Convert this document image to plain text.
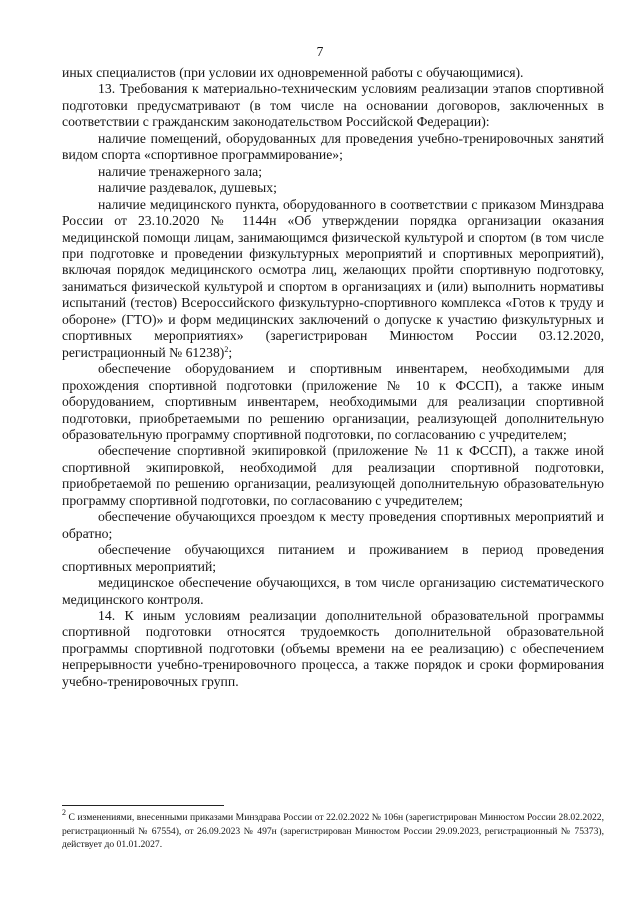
7

иных специалистов (при условии их одновременной работы с обучающимися).

13. Требования к материально-техническим условиям реализации этапов спортивной подготовки предусматривают (в том числе на основании договоров, заключенных в соответствии с гражданским законодательством Российской Федерации):

наличие помещений, оборудованных для проведения учебно-тренировочных занятий видом спорта «спортивное программирование»;

наличие тренажерного зала;

наличие раздевалок, душевых;

наличие медицинского пункта, оборудованного в соответствии с приказом Минздрава России от 23.10.2020 № 1144н «Об утверждении порядка организации оказания медицинской помощи лицам, занимающимся физической культурой и спортом (в том числе при подготовке и проведении физкультурных мероприятий и спортивных мероприятий), включая порядок медицинского осмотра лиц, желающих пройти спортивную подготовку, заниматься физической культурой и спортом в организациях и (или) выполнить нормативы испытаний (тестов) Всероссийского физкультурно-спортивного комплекса «Готов к труду и обороне» (ГТО)» и форм медицинских заключений о допуске к участию физкультурных и спортивных мероприятиях» (зарегистрирован Минюстом России 03.12.2020, регистрационный № 61238)$^2$;

обеспечение оборудованием и спортивным инвентарем, необходимыми для прохождения спортивной подготовки (приложение № 10 к ФССП), а также иным оборудованием, спортивным инвентарем, необходимыми для реализации спортивной подготовки, приобретаемыми по решению организации, реализующей дополнительную образовательную программу спортивной подготовки, по согласованию с учредителем;

обеспечение спортивной экипировкой (приложение № 11 к ФССП), а также иной спортивной экипировкой, необходимой для реализации спортивной подготовки, приобретаемой по решению организации, реализующей дополнительную образовательную программу спортивной подготовки, по согласованию с учредителем;

обеспечение обучающихся проездом к месту проведения спортивных мероприятий и обратно;

обеспечение обучающихся питанием и проживанием в период проведения спортивных мероприятий;

медицинское обеспечение обучающихся, в том числе организацию систематического медицинского контроля.

14. К иным условиям реализации дополнительной образовательной программы спортивной подготовки относятся трудоемкость дополнительной образовательной программы спортивной подготовки (объемы времени на ее реализацию) с обеспечением непрерывности учебно-тренировочного процесса, а также порядок и сроки формирования учебно-тренировочных групп.

$^2$ С изменениями, внесенными приказами Минздрава России от 22.02.2022 № 106н (зарегистрирован Минюстом России 28.02.2022, регистрационный № 67554), от 26.09.2023 № 497н (зарегистрирован Минюстом России 29.09.2023, регистрационный № 75373), действует до 01.01.2027.
